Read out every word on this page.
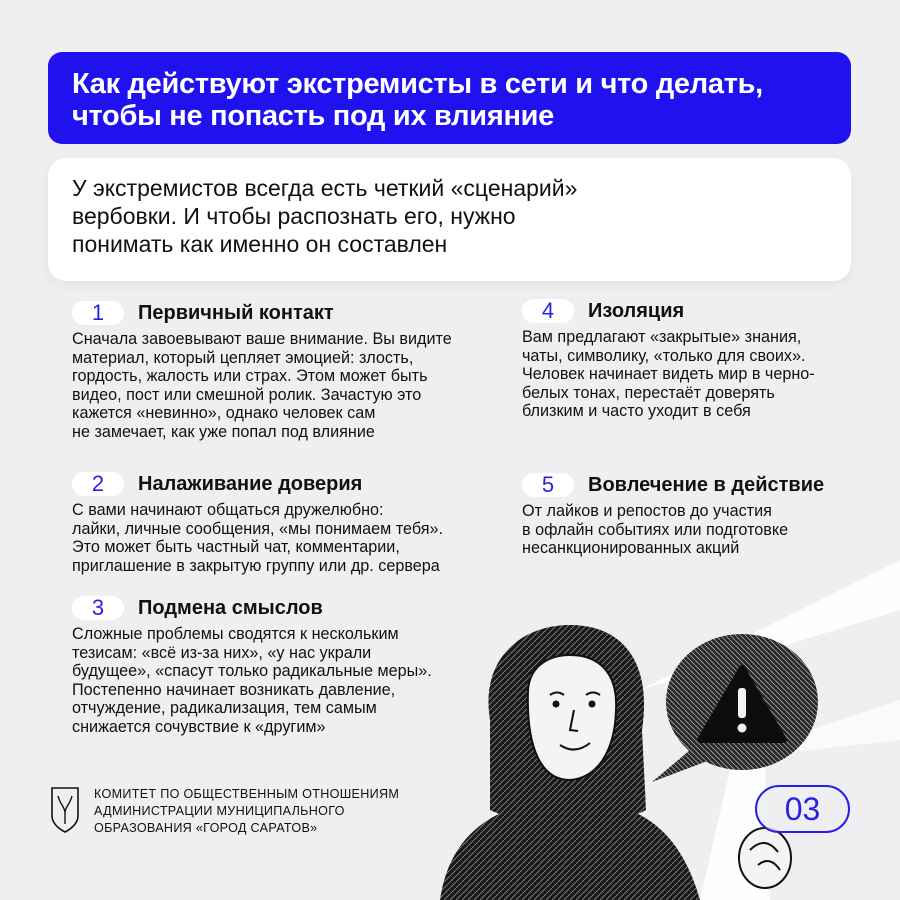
Как действуют экстремисты в сети и что делать,
чтобы не попасть под их влияние
У экстремистов всегда есть четкий «сценарий»
вербовки. И чтобы распознать его, нужно
понимать как именно он составлен
1	Первичный контакт
Сначала завоевывают ваше внимание. Вы видите
материал, который цепляет эмоцией: злость,
гордость, жалость или страх. Этом может быть
видео, пост или смешной ролик. Зачастую это
кажется «невинно», однако человек сам
не замечает, как уже попал под влияние
2	Налаживание доверия
С вами начинают общаться дружелюбно:
лайки, личные сообщения, «мы понимаем тебя».
Это может быть частный чат, комментарии,
приглашение в закрытую группу или др. сервера
3	Подмена смыслов
Сложные проблемы сводятся к нескольким
тезисам: «всё из-за них», «у нас украли
будущее», «спасут только радикальные меры».
Постепенно начинает возникать давление,
отчуждение, радикализация, тем самым
снижается сочувствие к «другим»
4	Изоляция
Вам предлагают «закрытые» знания,
чаты, символику, «только для своих».
Человек начинает видеть мир в черно-
белых тонах, перестаёт доверять
близким и часто уходит в себя
5	Вовлечение в действие
От лайков и репостов до участия
в офлайн событиях или подготовке
несанкционированных акций
03
КОМИТЕТ ПО ОБЩЕСТВЕННЫМ ОТНОШЕНИЯМ
АДМИНИСТРАЦИИ МУНИЦИПАЛЬНОГО
ОБРАЗОВАНИЯ «ГОРОД САРАТОВ»
